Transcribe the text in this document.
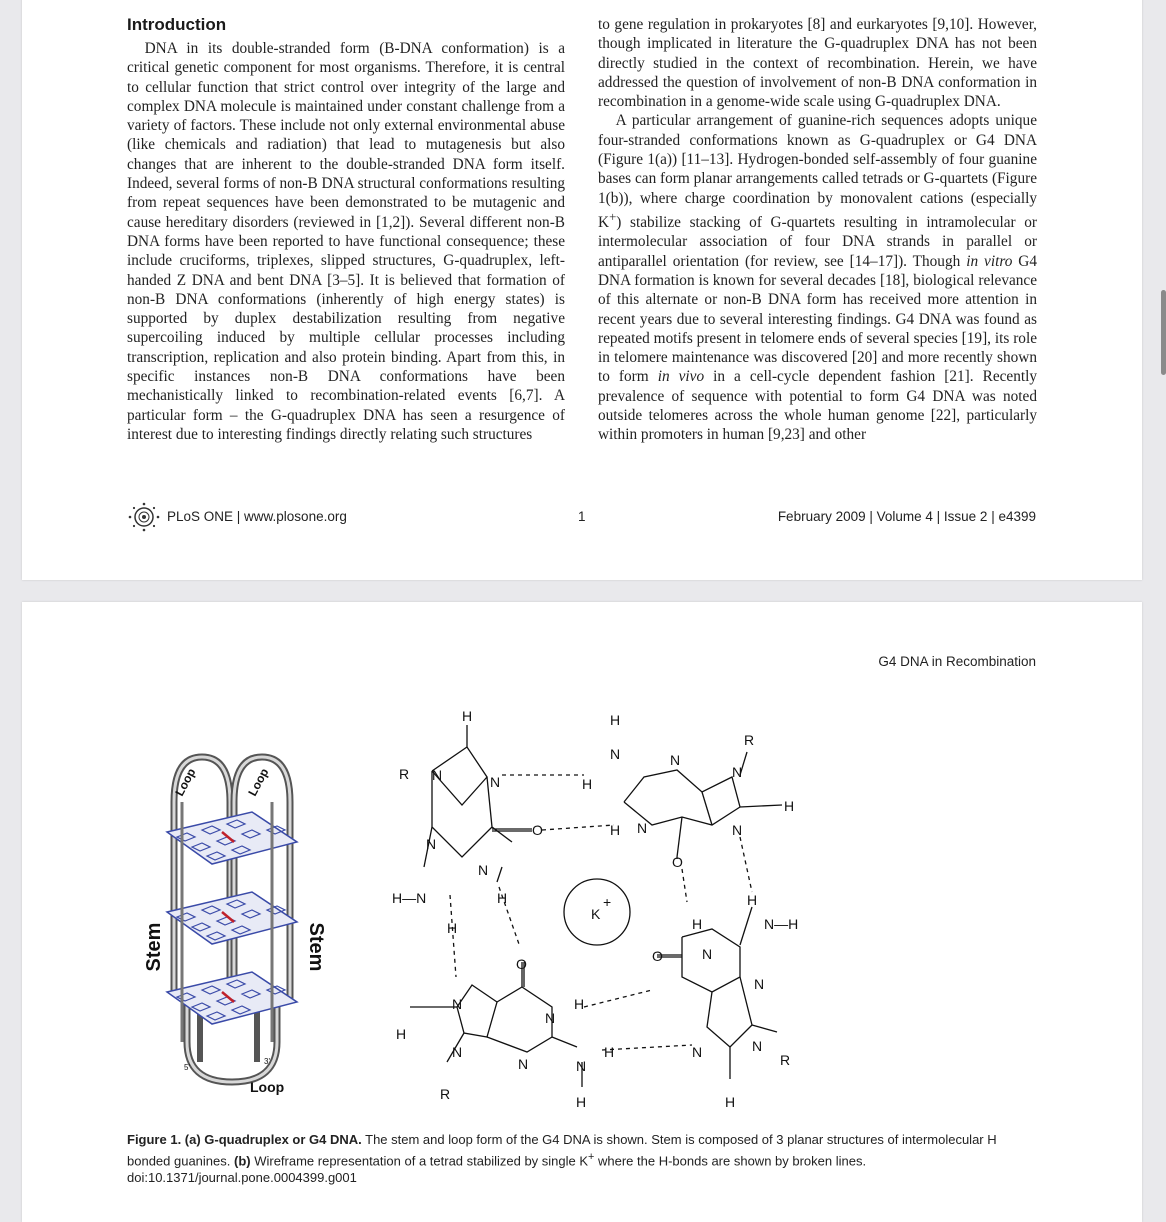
Introduction

DNA in its double-stranded form (B-DNA conformation) is a critical genetic component for most organisms. Therefore, it is central to cellular function that strict control over integrity of the large and complex DNA molecule is maintained under constant challenge from a variety of factors. These include not only external environmental abuse (like chemicals and radiation) that lead to mutagenesis but also changes that are inherent to the double-stranded DNA form itself. Indeed, several forms of non-B DNA structural conformations resulting from repeat sequences have been demonstrated to be mutagenic and cause hereditary disorders (reviewed in [1,2]). Several different non-B DNA forms have been reported to have functional consequence; these include cruciforms, triplexes, slipped structures, G-quadruplex, left-handed Z DNA and bent DNA [3–5]. It is believed that formation of non-B DNA conformations (inherently of high energy states) is supported by duplex destabilization resulting from negative supercoiling induced by multiple cellular processes including transcription, replication and also protein binding. Apart from this, in specific instances non-B DNA conformations have been mechanistically linked to recombination-related events [6,7]. A particular form – the G-quadruplex DNA has seen a resurgence of interest due to interesting findings directly relating such structures

to gene regulation in prokaryotes [8] and eurkaryotes [9,10]. However, though implicated in literature the G-quadruplex DNA has not been directly studied in the context of recombination. Herein, we have addressed the question of involvement of non-B DNA conformation in recombination in a genome-wide scale using G-quadruplex DNA.

A particular arrangement of guanine-rich sequences adopts unique four-stranded conformations known as G-quadruplex or G4 DNA (Figure 1(a)) [11–13]. Hydrogen-bonded self-assembly of four guanine bases can form planar arrangements called tetrads or G-quartets (Figure 1(b)), where charge coordination by monovalent cations (especially K+) stabilize stacking of G-quartets resulting in intramolecular or intermolecular association of four DNA strands in parallel or antiparallel orientation (for review, see [14–17]). Though in vitro G4 DNA formation is known for several decades [18], biological relevance of this alternate or non-B DNA form has received more attention in recent years due to several interesting findings. G4 DNA was found as repeated motifs present in telomere ends of several species [19], its role in telomere maintenance was discovered [20] and more recently shown to form in vivo in a cell-cycle dependent fashion [21]. Recently prevalence of sequence with potential to form G4 DNA was noted outside telomeres across the whole human genome [22], particularly within promoters in human [9,23] and other

PLoS ONE | www.plosone.org	1	February 2009 | Volume 4 | Issue 2 | e4399
G4 DNA in Recombination
Loop	Loop
Stem	Stem
5'
3'
Loop
K
+
H
R N	N	H
N
O	H
N
H—N	H
H
H
N	N
R
N
H
N	N
O
H
N—H
H
N
O
N
O
N	H
N
H
N	H	N	N
R
N	N
R	H	H
Figure 1. (a) G-quadruplex or G4 DNA. The stem and loop form of the G4 DNA is shown. Stem is composed of 3 planar structures of intermolecular H bonded guanines. (b) Wireframe representation of a tetrad stabilized by single K+ where the H-bonds are shown by broken lines.
doi:10.1371/journal.pone.0004399.g001
